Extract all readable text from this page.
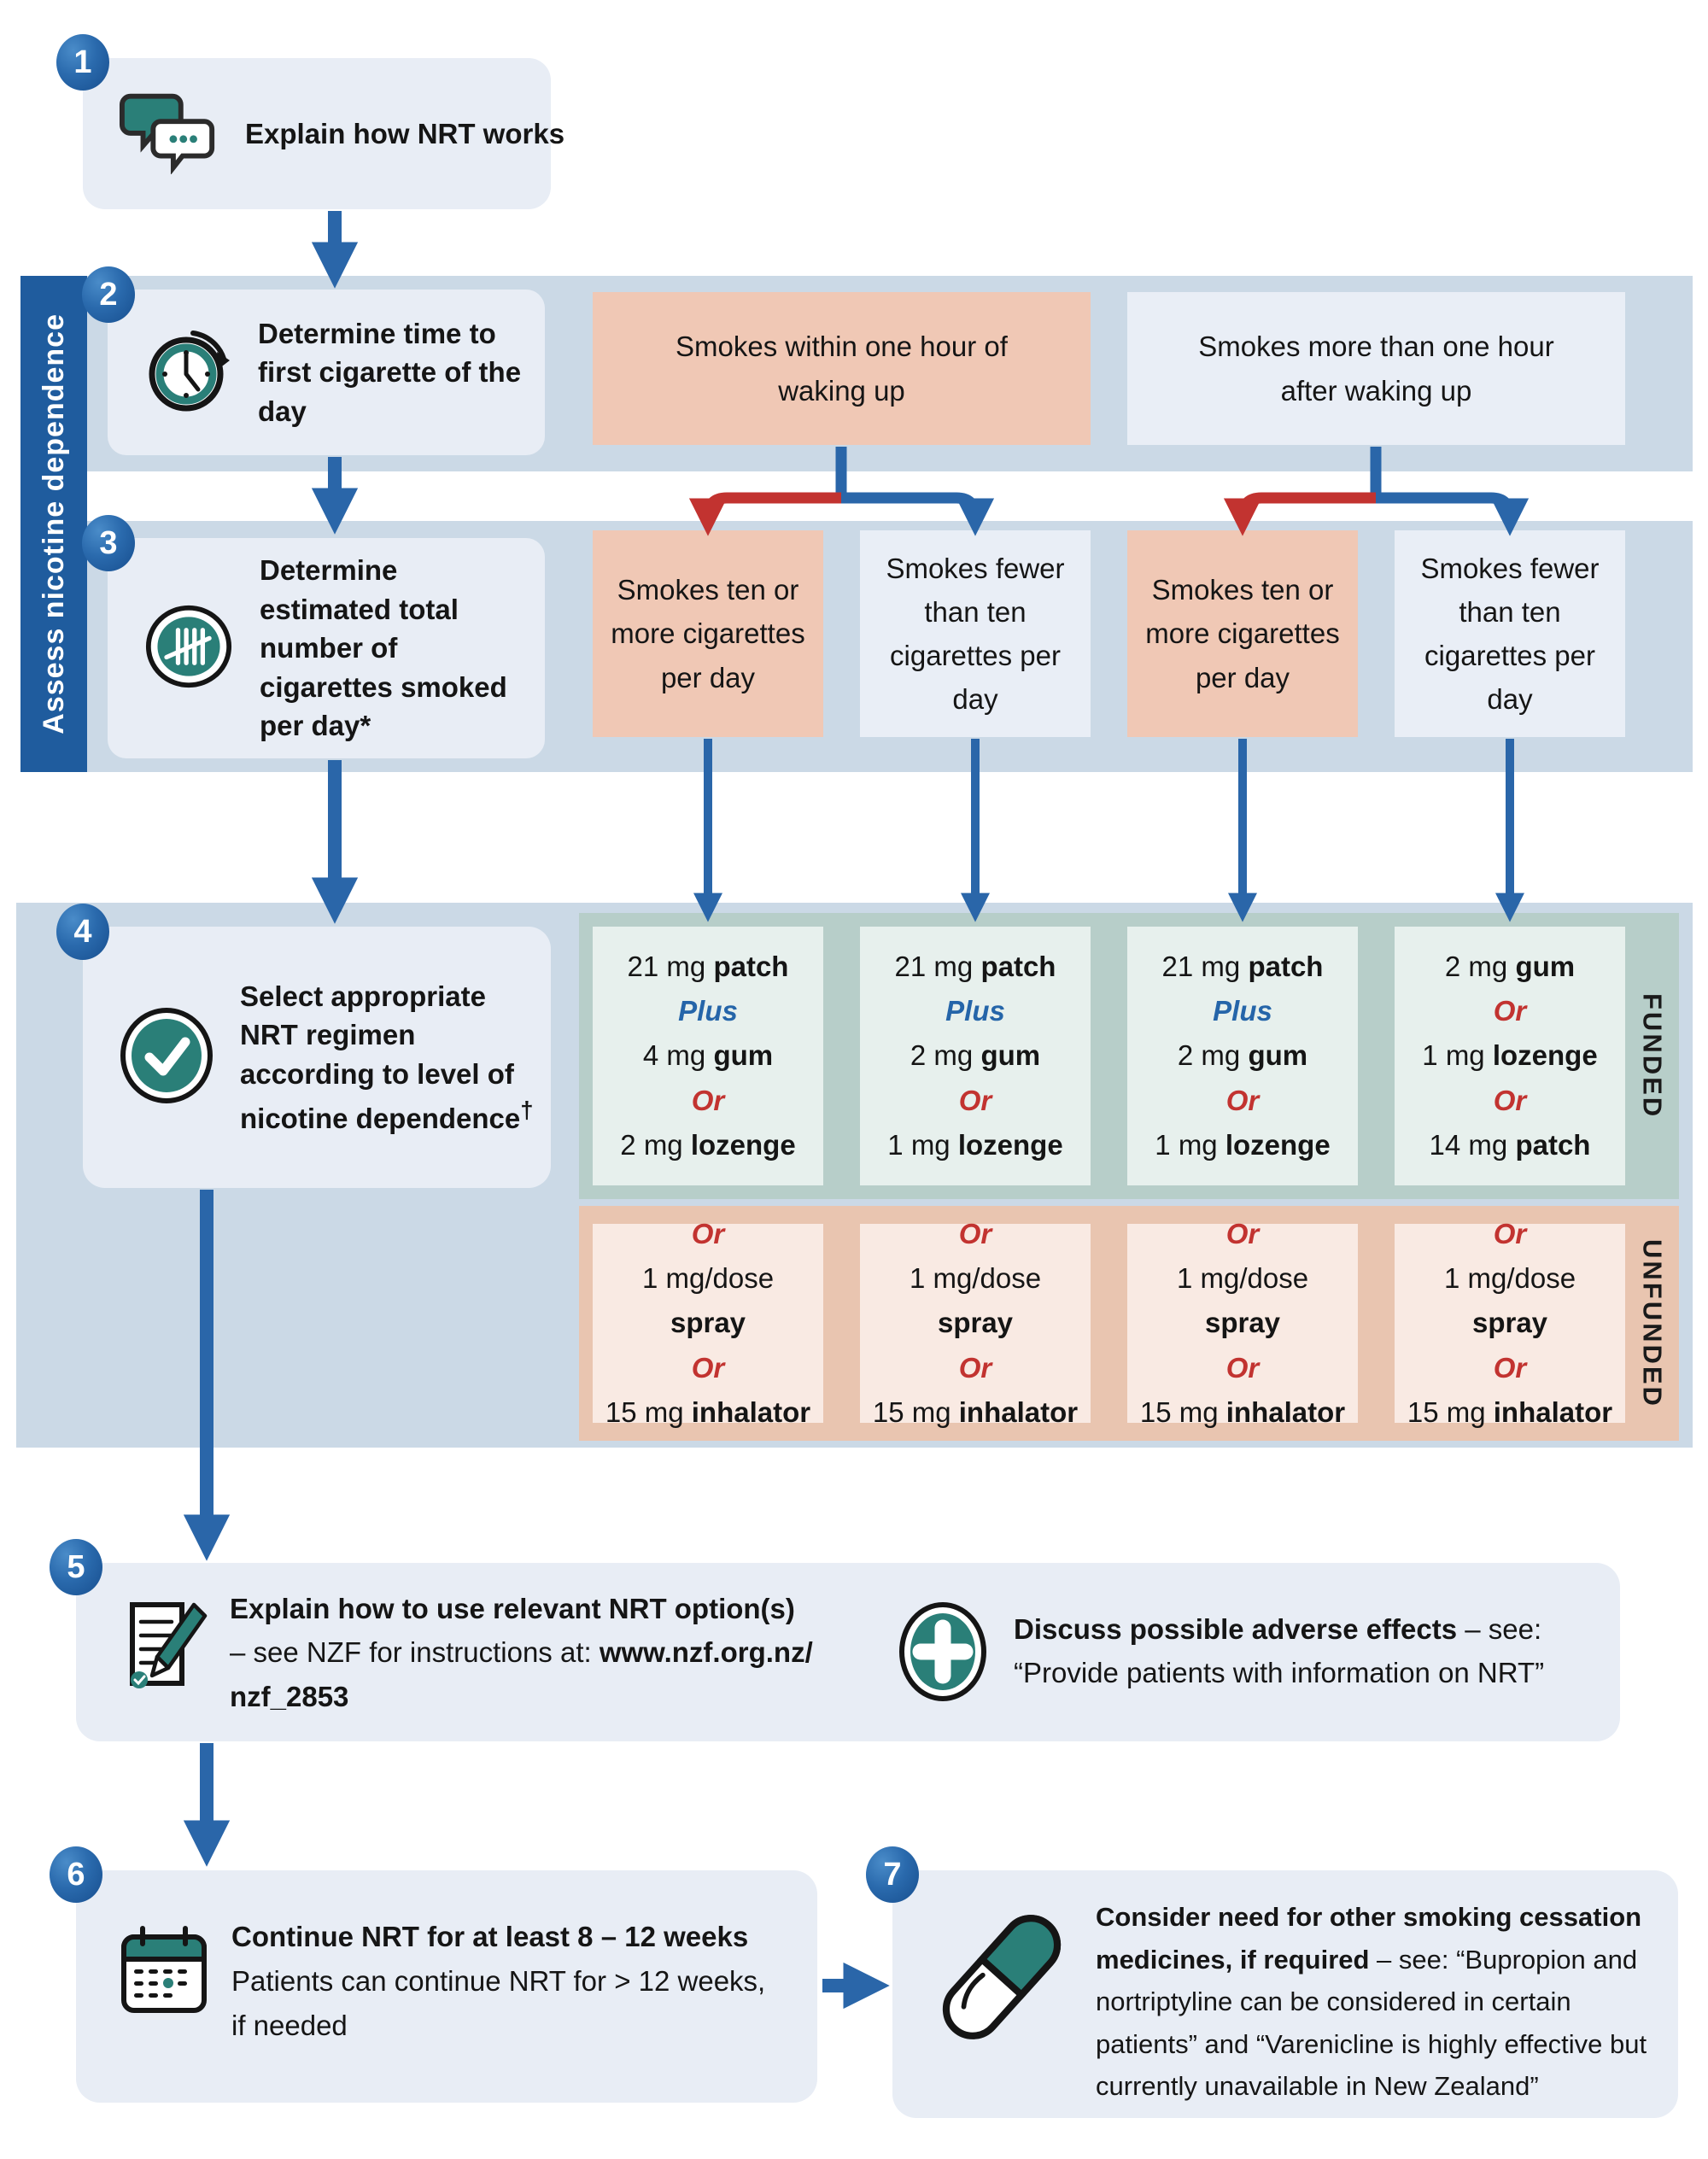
Assess nicotine dependence
Explain how NRT works
1
Determine time to first cigarette of the day
2
Determine estimated total number of cigarettes smoked per day*
3
Select appropriate NRT regimen according to level of nicotine dependence†
4
Smokes within one hour of waking up
Smokes more than one hour after waking up
Smokes ten or more cigarettes per day
Smokes fewer than ten cigarettes per day
Smokes ten or more cigarettes per day
Smokes fewer than ten cigarettes per day
21 mg patch
Plus
4 mg gum
Or
2 mg lozenge
21 mg patch
Plus
2 mg gum
Or
1 mg lozenge
21 mg patch
Plus
2 mg gum
Or
1 mg lozenge
2 mg gum
Or
1 mg lozenge
Or
14 mg patch
FUNDED
Or
1 mg/dose spray
Or
15 mg inhalator
Or
1 mg/dose spray
Or
15 mg inhalator
Or
1 mg/dose spray
Or
15 mg inhalator
Or
1 mg/dose spray
Or
15 mg inhalator
UNFUNDED
Explain how to use relevant NRT option(s)
– see NZF for instructions at: www.nzf.org.nz/
nzf_2853
Discuss possible adverse effects – see:
“Provide patients with information on NRT”
5
Continue NRT for at least 8 – 12 weeks
Patients can continue NRT for > 12 weeks, if needed
6
Consider need for other smoking cessation medicines, if required – see: “Bupropion and nortriptyline can be considered in certain patients” and “Varenicline is highly effective but currently unavailable in New Zealand”
7
